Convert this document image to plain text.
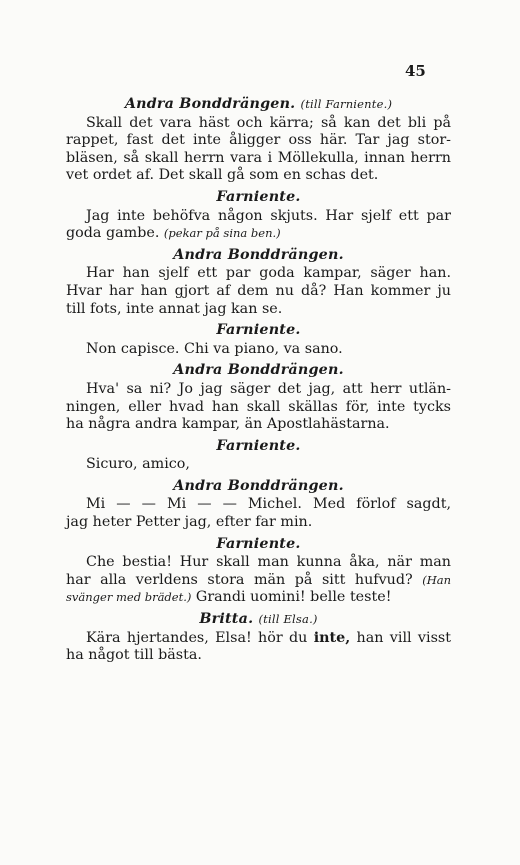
45
Andra Bonddrängen. (till Farniente.)
Skall det vara häst och kärra; så kan det bli på
rappet, fast det inte åligger oss här. Tar jag stor-
bläsen, så skall herrn vara i Möllekulla, innan herrn
vet ordet af. Det skall gå som en schas det.
Farniente.
Jag inte behöfva någon skjuts. Har sjelf ett par
goda gambe. (pekar på sina ben.)
Andra Bonddrängen.
Har han sjelf ett par goda kampar, säger han.
Hvar har han gjort af dem nu då? Han kommer ju
till fots, inte annat jag kan se.
Farniente.
Non capisce. Chi va piano, va sano.
Andra Bonddrängen.
Hva' sa ni? Jo jag säger det jag, att herr utlän-
ningen, eller hvad han skall skällas för, inte tycks
ha några andra kampar, än Apostlahästarna.
Farniente.
Sicuro, amico,
Andra Bonddrängen.
Mi — — Mi — — Michel. Med förlof sagdt,
jag heter Petter jag, efter far min.
Farniente.
Che bestia! Hur skall man kunna åka, när man
har alla verldens stora män på sitt hufvud? (Han
svänger med brädet.) Grandi uomini! belle teste!
Britta. (till Elsa.)
Kära hjertandes, Elsa! hör du inte, han vill visst
ha något till bästa.
